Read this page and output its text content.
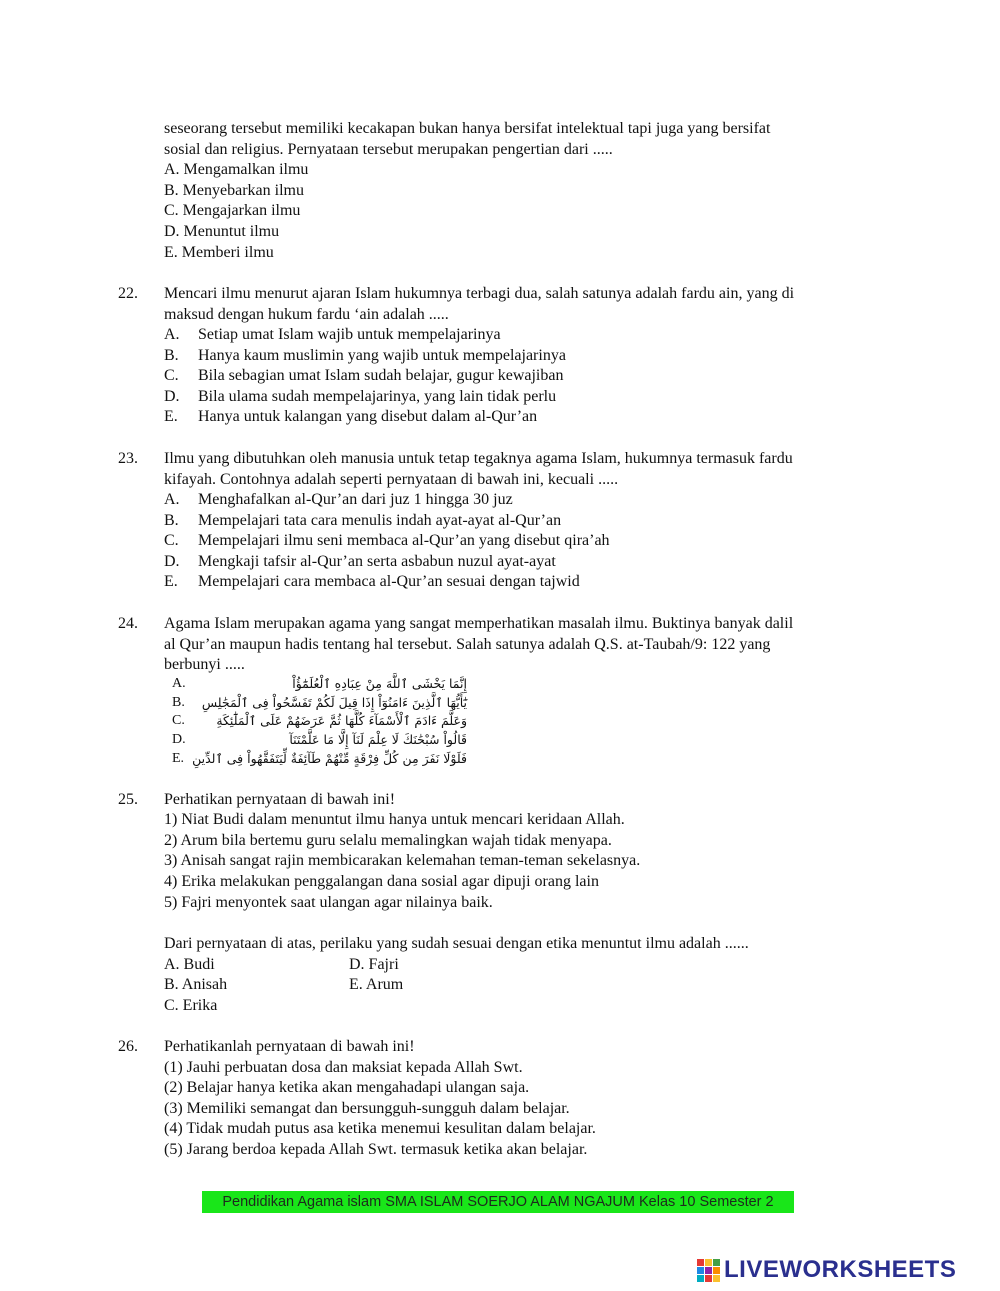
seseorang tersebut memiliki kecakapan bukan hanya bersifat intelektual tapi juga yang bersifat
sosial dan religius. Pernyataan tersebut merupakan pengertian dari .....
A. Mengamalkan ilmu
B. Menyebarkan ilmu
C. Mengajarkan ilmu
D. Menuntut ilmu
E. Memberi ilmu
22. Mencari ilmu menurut ajaran Islam hukumnya terbagi dua, salah satunya adalah fardu ain, yang di
maksud dengan hukum fardu ‘ain adalah .....
A. Setiap umat Islam wajib untuk mempelajarinya
B. Hanya kaum muslimin yang wajib untuk mempelajarinya
C. Bila sebagian umat Islam sudah belajar, gugur kewajiban
D. Bila ulama sudah mempelajarinya, yang lain tidak perlu
E. Hanya untuk kalangan yang disebut dalam al-Qur’an
23. Ilmu yang dibutuhkan oleh manusia untuk tetap tegaknya agama Islam, hukumnya termasuk fardu
kifayah. Contohnya adalah seperti pernyataan di bawah ini, kecuali .....
A. Menghafalkan al-Qur’an dari juz 1 hingga 30 juz
B. Mempelajari tata cara menulis indah ayat-ayat al-Qur’an
C. Mempelajari ilmu seni membaca al-Qur’an yang disebut qira’ah
D. Mengkaji tafsir al-Qur’an serta asbabun nuzul ayat-ayat
E. Mempelajari cara membaca al-Qur’an sesuai dengan tajwid
24. Agama Islam merupakan agama yang sangat memperhatikan masalah ilmu. Buktinya banyak dalil
al Qur’an maupun hadis tentang hal tersebut. Salah satunya adalah Q.S. at-Taubah/9: 122 yang
berbunyi .....
A.	إِنَّمَا يَخْشَى ٱللَّهَ مِنْ عِبَادِهِ ٱلْعُلَمَٰٓؤُاْ
B. يَٰٓأَيُّهَا ٱلَّذِينَ ءَامَنُوٓاْ إِذَا قِيلَ لَكُمْ تَفَسَّحُواْ فِى ٱلْمَجَٰلِسِ
C.	وَعَلَّمَ ءَادَمَ ٱلْأَسْمَآءَ كُلَّهَا ثُمَّ عَرَضَهُمْ عَلَى ٱلْمَلَٰٓئِكَةِ
D.	قَالُواْ سُبْحَٰنَكَ لَا عِلْمَ لَنَآ إِلَّا مَا عَلَّمْتَنَآ
E. فَلَوْلَا نَفَرَ مِن كُلِّ فِرْقَةٍ مِّنْهُمْ طَآئِفَةٌ لِّيَتَفَقَّهُواْ فِى ٱلدِّينِ
25. Perhatikan pernyataan di bawah ini!
1) Niat Budi dalam menuntut ilmu hanya untuk mencari keridaan Allah.
2) Arum bila bertemu guru selalu memalingkan wajah tidak menyapa.
3) Anisah sangat rajin membicarakan kelemahan teman-teman sekelasnya.
4) Erika melakukan penggalangan dana sosial agar dipuji orang lain
5) Fajri menyontek saat ulangan agar nilainya baik.
Dari pernyataan di atas, perilaku yang sudah sesuai dengan etika menuntut ilmu adalah ......
A. Budi	D. Fajri
B. Anisah	E. Arum
C. Erika
26. Perhatikanlah pernyataan di bawah ini!
(1) Jauhi perbuatan dosa dan maksiat kepada Allah Swt.
(2) Belajar hanya ketika akan mengahadapi ulangan saja.
(3) Memiliki semangat dan bersungguh-sungguh dalam belajar.
(4) Tidak mudah putus asa ketika menemui kesulitan dalam belajar.
(5) Jarang berdoa kepada Allah Swt. termasuk ketika akan belajar.
Pendidikan Agama islam SMA ISLAM SOERJO ALAM NGAJUM Kelas 10 Semester 2
LIVEWORKSHEETS
